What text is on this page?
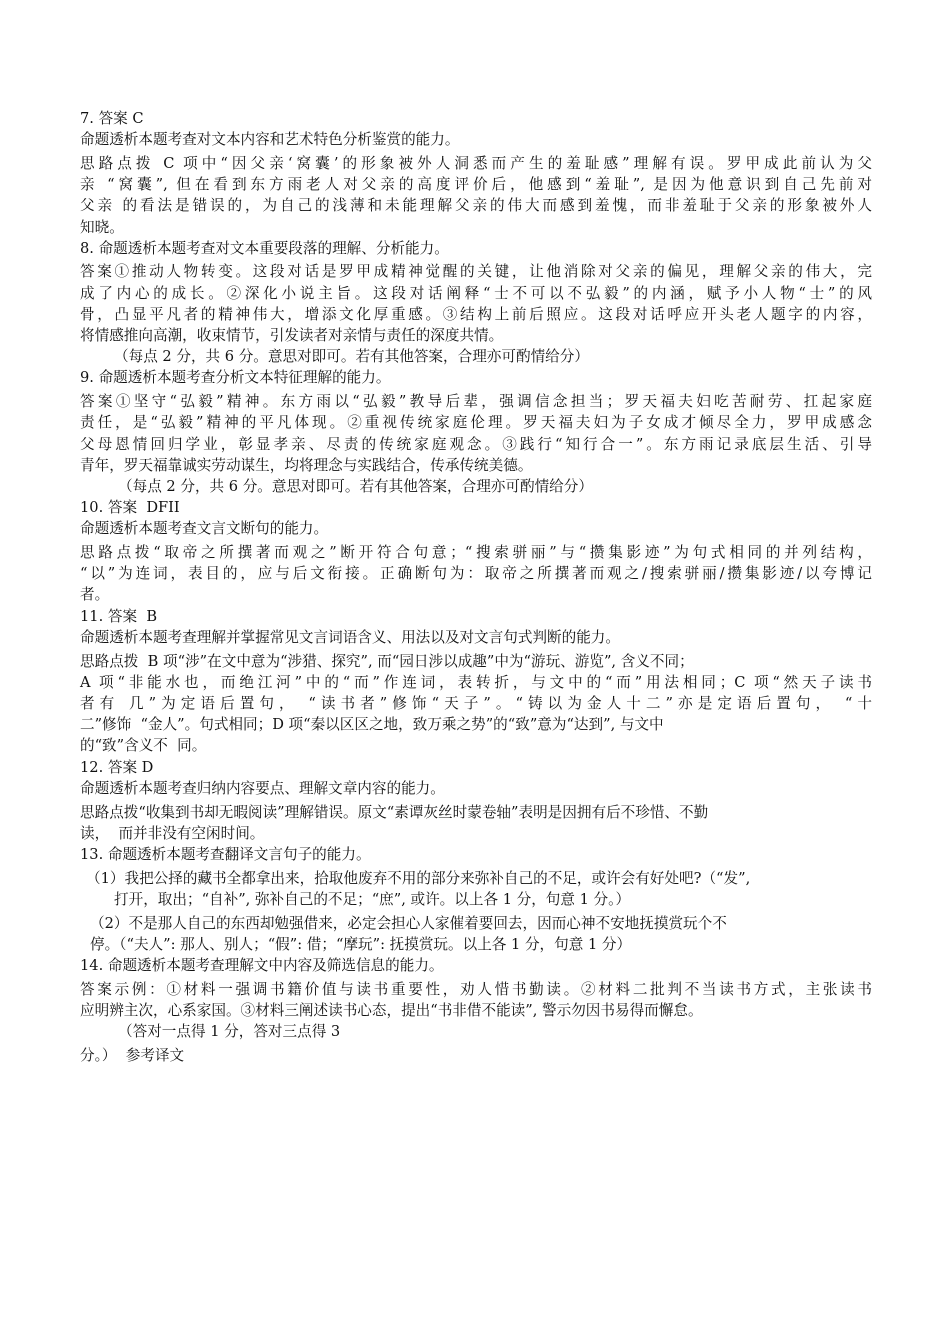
7. 答案 C
命题透析本题考查对文本内容和艺术特色分析鉴赏的能力。
思路点拨 C 项中“因父亲‘窝囊’的形象被外人洞悉而产生的羞耻感”理解有误。罗甲成此前认为父
亲 “窝囊”, 但在看到东方雨老人对父亲的高度评价后，他感到“羞耻”, 是因为他意识到自己先前对
父亲 的看法是错误的，为自己的浅薄和未能理解父亲的伟大而感到羞愧，而非羞耻于父亲的形象被外人
知晓。
8. 命题透析本题考查对文本重要段落的理解、分析能力。
答案①推动人物转变。这段对话是罗甲成精神觉醒的关键，让他消除对父亲的偏见，理解父亲的伟大，完
成了内心的成长。②深化小说主旨。这段对话阐释“士不可以不弘毅”的内涵，赋予小人物“士”的风
骨，凸显平凡者的精神伟大，增添文化厚重感。③结构上前后照应。这段对话呼应开头老人题字的内容，
将情感推向高潮，收束情节，引发读者对亲情与责任的深度共情。
（每点 2 分，共 6 分。意思对即可。若有其他答案，合理亦可酌情给分）
9. 命题透析本题考查分析文本特征理解的能力。
答案①坚守“弘毅”精神。东方雨以“弘毅”教导后辈，强调信念担当；罗天福夫妇吃苦耐劳、扛起家庭
责任，是“弘毅”精神的平凡体现。②重视传统家庭伦理。罗天福夫妇为子女成才倾尽全力，罗甲成感念
父母恩情回归学业，彰显孝亲、尽责的传统家庭观念。③践行“知行合一”。东方雨记录底层生活、引导
青年，罗天福靠诚实劳动谋生，均将理念与实践结合，传承传统美德。
（每点 2 分，共 6 分。意思对即可。若有其他答案，合理亦可酌情给分）
10. 答案  DFII
命题透析本题考查文言文断句的能力。
思路点拨“取帝之所撰著而观之”断开符合句意；“搜索骈丽”与“攒集影迹”为句式相同的并列结构，
“以”为连词，表目的，应与后文衔接。正确断句为：取帝之所撰著而观之/搜索骈丽/攒集影迹/以夸博记
者。
11. 答案  B
命题透析本题考查理解并掌握常见文言词语含义、用法以及对文言句式判断的能力。
思路点拨  B 项“涉”在文中意为“涉猎、探究”, 而“园日涉以成趣”中为“游玩、游览”, 含义不同；
A 项“非能水也，而绝江河”中的“而”作连词，表转折，与文中的“而”用法相同；C 项“然天子读书
者有 几”为定语后置句， “读书者”修饰“天子”。“铸以为金人十二”亦是定语后置句， “十
二”修饰  “金人”。句式相同；D 项“秦以区区之地，致万乘之势”的“致”意为“达到”, 与文中
的“致”含义不  同。
12. 答案 D
命题透析本题考查归纳内容要点、理解文章内容的能力。
思路点拨“收集到书却无暇阅读”理解错误。原文“素谭灰丝时蒙卷轴”表明是因拥有后不珍惜、不勤
读，  而并非没有空闲时间。
13. 命题透析本题考查翻译文言句子的能力。
（1）我把公择的藏书全都拿出来，拾取他废弃不用的部分来弥补自己的不足，或许会有好处吧?（“发”,
打开，取出；“自补”, 弥补自己的不足；“庶”, 或许。以上各 1 分，句意 1 分。）
（2）不是那人自己的东西却勉强借来，必定会担心人家催着要回去，因而心神不安地抚摸赏玩个不
停。（“夫人”: 那人、别人；“假”: 借；“摩玩”: 抚摸赏玩。以上各 1 分，句意 1 分）
14. 命题透析本题考查理解文中内容及筛选信息的能力。
答案示例：①材料一强调书籍价值与读书重要性，劝人惜书勤读。②材料二批判不当读书方式，主张读书
应明辨主次，心系家国。③材料三阐述读书心态，提出“书非借不能读”, 警示勿因书易得而懈怠。
（答对一点得 1 分，答对三点得 3
分。）  参考译文
